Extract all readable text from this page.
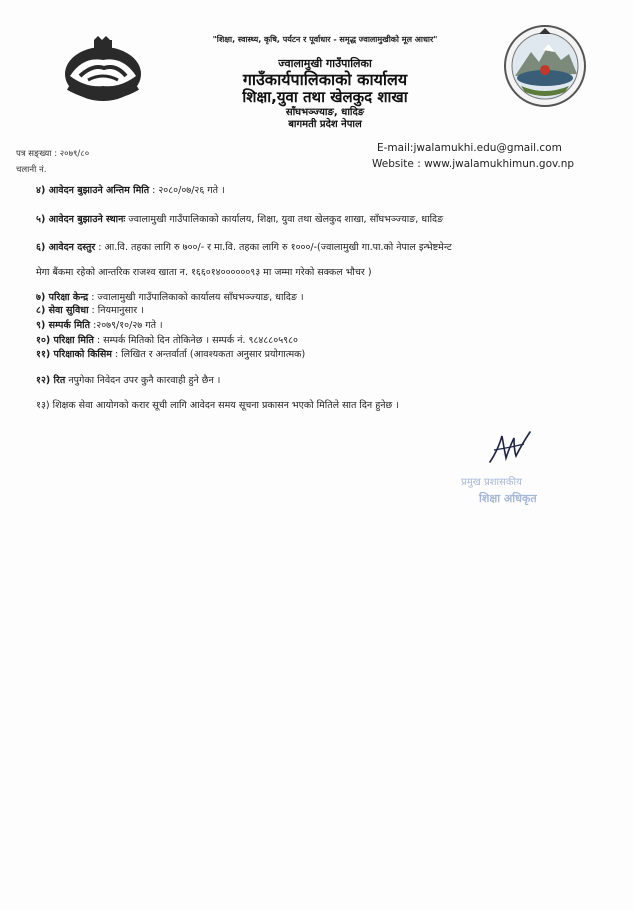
"शिक्षा, स्वास्थ्य, कृषि, पर्यटन र पूर्वाधार - समृद्ध ज्वालामुखीको मूल आधार"
ज्वालामुखी गाउँपालिका
गाउँकार्यपालिकाको कार्यालय
शिक्षा,युवा तथा खेलकुद शाखा
साँघभञ्ज्याङ, धादिङ
बागमती प्रदेश नेपाल
E-mail:jwalamukhi.edu@gmail.com
Website : www.jwalamukhimun.gov.np
पत्र सङ्ख्या : २०७९/८०
चलानी नं.
४) आवेदन बुझाउने अन्तिम मिति : २०८०/०७/२६ गते ।
५) आवेदन बुझाउने स्थानः ज्वालामुखी गाउँपालिकाको कार्यालय, शिक्षा, युवा तथा खेलकुद शाखा, साँघभञ्ज्याङ, धादिङ
६) आवेदन दस्तुर : आ.वि. तहका लागि रु ७००/- र मा.वि. तहका लागि रु १०००/-(ज्वालामुखी गा.पा.को नेपाल इन्भेष्टमेन्ट
मेगा बैंकमा रहेको आन्तरिक राजश्व खाता न. १६६०१४००००००९३ मा जम्मा गरेको सक्कल भौचर )
७) परिक्षा केन्द्र : ज्वालामुखी गाउँपालिकाको कार्यालय साँघभञ्ज्याङ, धादिङ ।
८) सेवा सुविधा : नियमानुसार ।
९) सम्पर्क मिति :२०७९/१०/२७ गते ।
१०) परिक्षा मिति : सम्पर्क मितिको दिन तोकिनेछ । सम्पर्क नं. ९८४८८०५९८०
११) परिक्षाको किसिम : लिखित र अन्तर्वार्ता (आवश्यकता अनुसार प्रयोगात्मक)
१२) रित नपुगेका निवेदन उपर कुनै कारवाही हुने छैन ।
१३) शिक्षक सेवा आयोगको करार सूची लागि आवेदन समय सूचना प्रकासन भएको मितिले सात दिन हुनेछ ।
प्रमुख प्रशासकीय
शिक्षा अधिकृत
